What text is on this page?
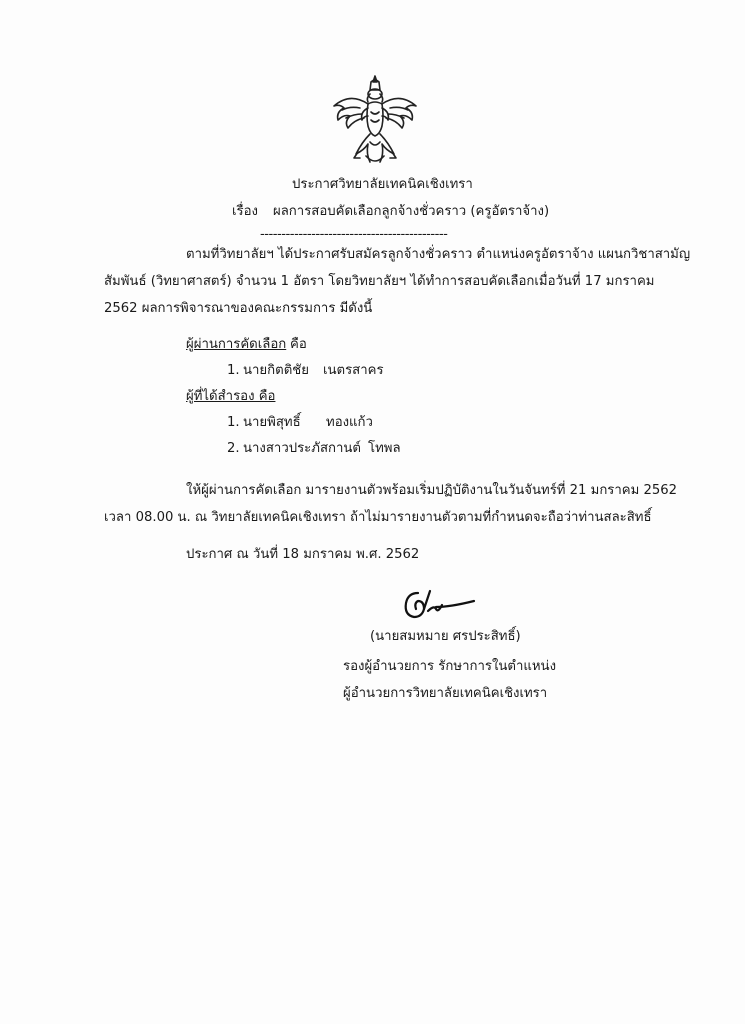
ประกาศวิทยาลัยเทคนิคเชิงเทรา
เรื่อง ผลการสอบคัดเลือกลูกจ้างชั่วคราว (ครูอัตราจ้าง)
--------------------------------------------
ตามที่วิทยาลัยฯ ได้ประกาศรับสมัครลูกจ้างชั่วคราว ตำแหน่งครูอัตราจ้าง แผนกวิชาสามัญ
สัมพันธ์ (วิทยาศาสตร์) จำนวน 1 อัตรา โดยวิทยาลัยฯ ได้ทำการสอบคัดเลือกเมื่อวันที่ 17 มกราคม
2562 ผลการพิจารณาของคณะกรรมการ มีดังนี้
ผู้ผ่านการคัดเลือก คือ
1. นายกิตติชัย เนตรสาคร
ผู้ที่ได้สำรอง คือ
1. นายพิสุทธิ์ ทองแก้ว
2. นางสาวประภัสกานต์ โทพล
ให้ผู้ผ่านการคัดเลือก มารายงานตัวพร้อมเริ่มปฏิบัติงานในวันจันทร์ที่ 21 มกราคม 2562
เวลา 08.00 น. ณ วิทยาลัยเทคนิคเชิงเทรา ถ้าไม่มารายงานตัวตามที่กำหนดจะถือว่าท่านสละสิทธิ์
ประกาศ ณ วันที่ 18 มกราคม พ.ศ. 2562
(นายสมหมาย ศรประสิทธิ์)
รองผู้อำนวยการ รักษาการในตำแหน่ง
ผู้อำนวยการวิทยาลัยเทคนิคเชิงเทรา
